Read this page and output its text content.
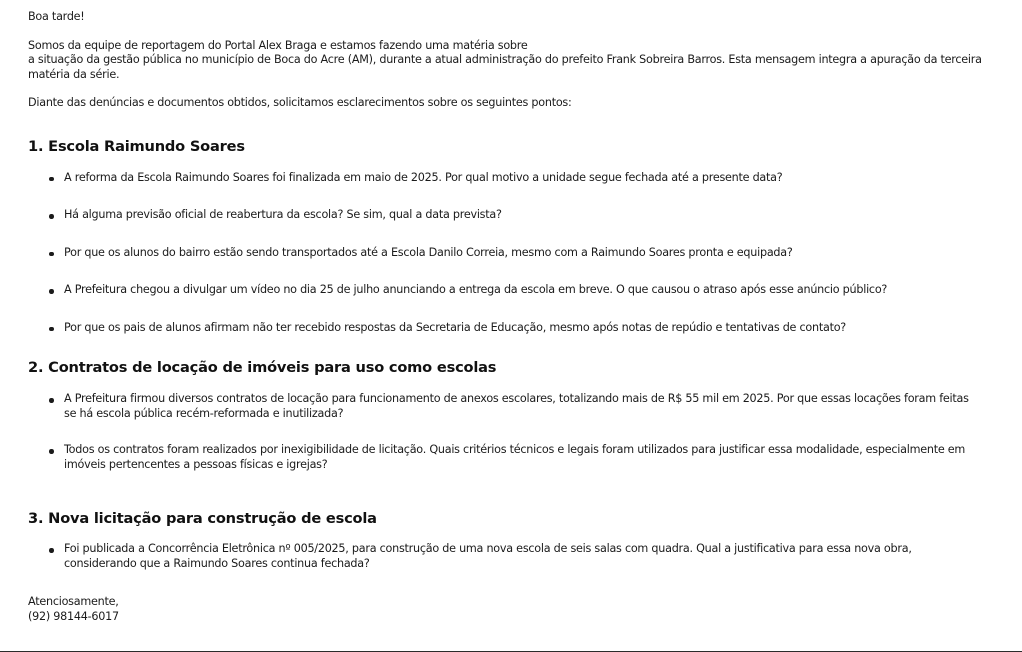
Boa tarde!

Somos da equipe de reportagem do Portal Alex Braga e estamos fazendo uma matéria sobre
a situação da gestão pública no município de Boca do Acre (AM), durante a atual administração do prefeito Frank Sobreira Barros. Esta mensagem integra a apuração da terceira matéria da série.

Diante das denúncias e documentos obtidos, solicitamos esclarecimentos sobre os seguintes pontos:

1. Escola Raimundo Soares
A reforma da Escola Raimundo Soares foi finalizada em maio de 2025. Por qual motivo a unidade segue fechada até a presente data?
Há alguma previsão oficial de reabertura da escola? Se sim, qual a data prevista?
Por que os alunos do bairro estão sendo transportados até a Escola Danilo Correia, mesmo com a Raimundo Soares pronta e equipada?
A Prefeitura chegou a divulgar um vídeo no dia 25 de julho anunciando a entrega da escola em breve. O que causou o atraso após esse anúncio público?
Por que os pais de alunos afirmam não ter recebido respostas da Secretaria de Educação, mesmo após notas de repúdio e tentativas de contato?
2. Contratos de locação de imóveis para uso como escolas
A Prefeitura firmou diversos contratos de locação para funcionamento de anexos escolares, totalizando mais de R$ 55 mil em 2025. Por que essas locações foram feitas se há escola pública recém-reformada e inutilizada?
Todos os contratos foram realizados por inexigibilidade de licitação. Quais critérios técnicos e legais foram utilizados para justificar essa modalidade, especialmente em imóveis pertencentes a pessoas físicas e igrejas?
3. Nova licitação para construção de escola
Foi publicada a Concorrência Eletrônica nº 005/2025, para construção de uma nova escola de seis salas com quadra. Qual a justificativa para essa nova obra, considerando que a Raimundo Soares continua fechada?

Atenciosamente,

(92) 98144-6017
